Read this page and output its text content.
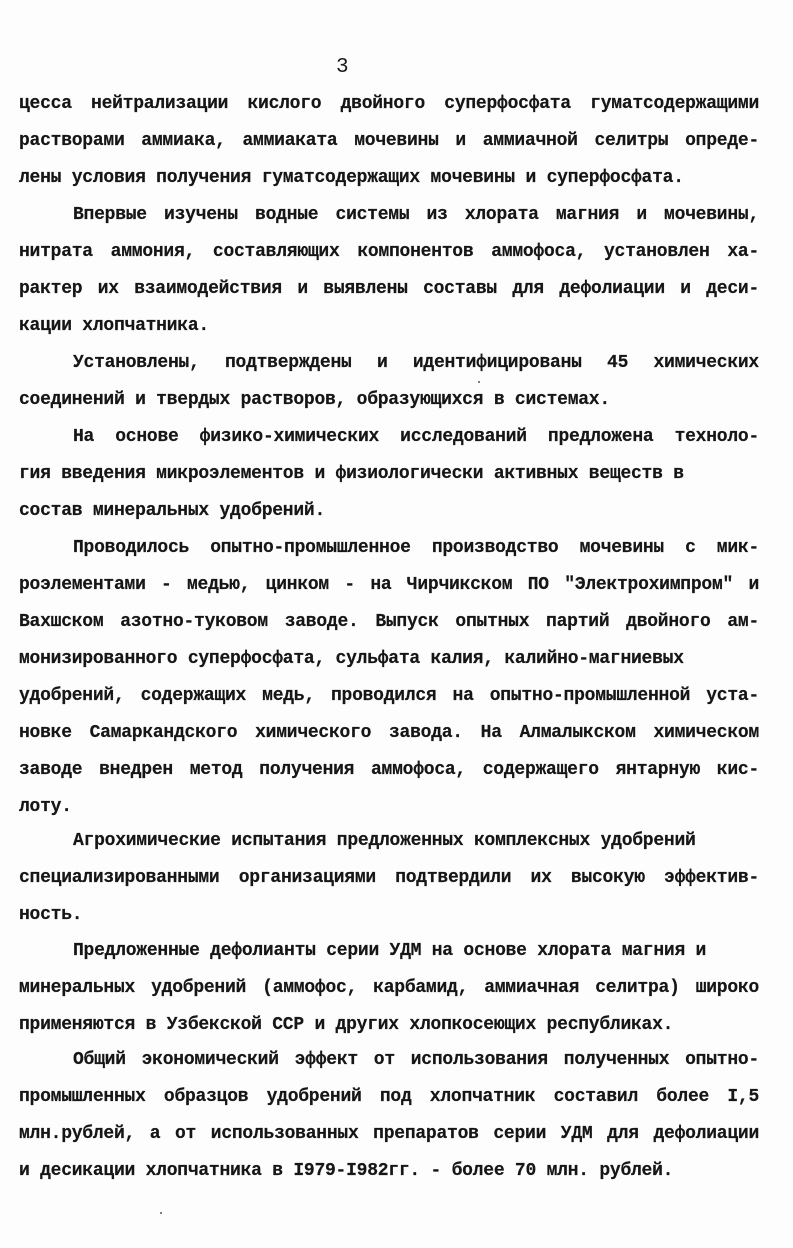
3
цесса нейтрализации кислого двойного суперфосфата гуматсодержащими
растворами аммиака, аммиаката мочевины и аммиачной селитры опреде-
лены условия получения гуматсодержащих мочевины и суперфосфата.
Впервые изучены водные системы из хлората магния и мочевины,
нитрата аммония, составляющих компонентов аммофоса, установлен ха-
рактер их взаимодействия и выявлены составы для дефолиации и деси-
кации хлопчатника.
Установлены, подтверждены и идентифицированы 45 химических
соединений и твердых растворов, образующихся в системах.
На основе физико-химических исследований предложена техноло-
гия введения микроэлементов и физиологически активных веществ в
состав минеральных удобрений.
Проводилось опытно-промышленное производство мочевины с мик-
роэлементами - медью, цинком - на Чирчикском ПО "Электрохимпром" и
Вахшском азотно-туковом заводе. Выпуск опытных партий двойного ам-
монизированного суперфосфата, сульфата калия, калийно-магниевых
удобрений, содержащих медь, проводился на опытно-промышленной уста-
новке Самаркандского химического завода. На Алмалыкском химическом
заводе внедрен метод получения аммофоса, содержащего янтарную кис-
лоту.
Агрохимические испытания предложенных комплексных удобрений
специализированными организациями подтвердили их высокую эффектив-
ность.
Предложенные дефолианты серии УДМ на основе хлората магния и
минеральных удобрений (аммофос, карбамид, аммиачная селитра) широко
применяются в Узбекской ССР и других хлопкосеющих республиках.
Общий экономический эффект от использования полученных опытно-
промышленных образцов удобрений под хлопчатник составил более I,5
млн.рублей, а от использованных препаратов серии УДМ для дефолиации
и десикации хлопчатника в I979-I982гг. - более 70 млн. рублей.
